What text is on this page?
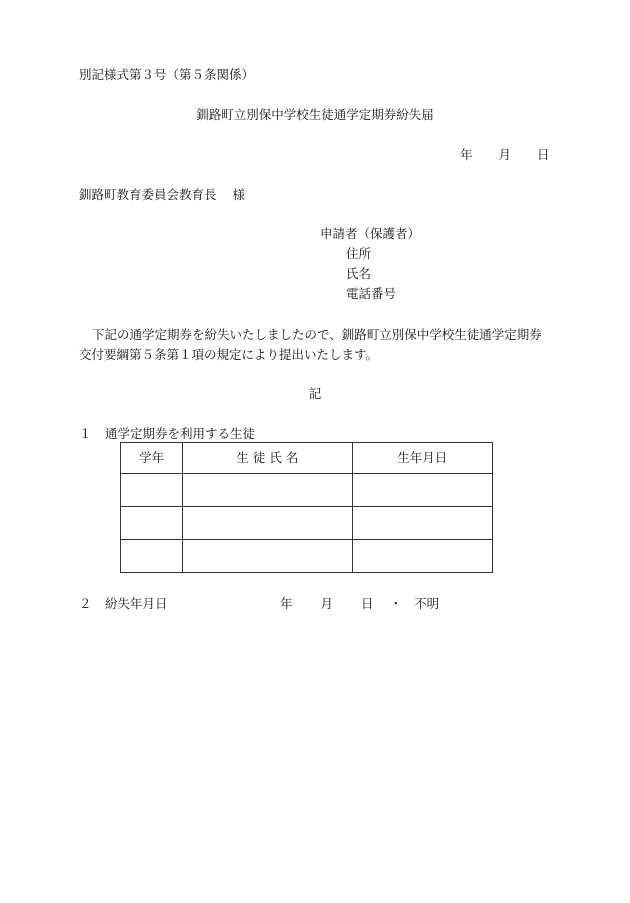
別記様式第３号（第５条関係）
釧路町立別保中学校生徒通学定期券紛失届
年 月 日
釧路町教育委員会教育長 様
申請者（保護者）
住所
氏名
電話番号
下記の通学定期券を紛失いたしましたので、釧路町立別保中学校生徒通学定期券
交付要綱第５条第１項の規定により提出いたします。
記
１ 通学定期券を利用する生徒
学年	生 徒 氏 名	生年月日

２ 紛失年月日	年 月 日 ・ 不明
